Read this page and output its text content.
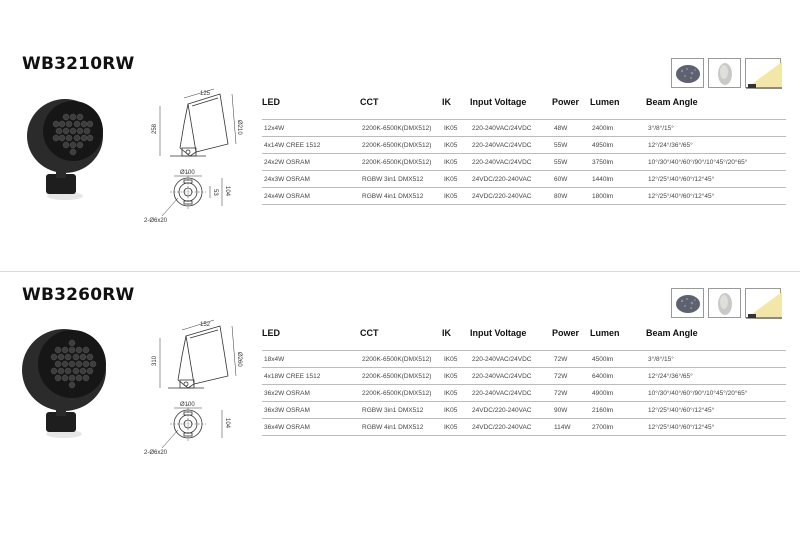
WB3210RW
125
Ø210
258
Ø100
53 104
2-Ø6x20
LED	CCT	IK	Input Voltage	Power	Lumen	Beam Angle
12x4W	2200K-6500K(DMX512)	IK05	220-240VAC/24VDC	48W	2400lm	3°/8°/15°
4x14W CREE 1512	2200K-6500K(DMX512)	IK05	220-240VAC/24VDC	55W	4950lm	12°/24°/36°/65°
24x2W OSRAM	2200K-6500K(DMX512)	IK05	220-240VAC/24VDC	55W	3750lm	10°/30°/40°/60°/90°/10°45°/20°65°
24x3W OSRAM	RGBW 3in1 DMX512	IK05	24VDC/220-240VAC	60W	1440lm	12°/25°/40°/60°/12°45°
24x4W OSRAM	RGBW 4in1 DMX512	IK05	24VDC/220-240VAC	80W	1800lm	12°/25°/40°/60°/12°45°
WB3260RW
152
Ø260
310
Ø100
104
2-Ø6x20
LED	CCT	IK	Input Voltage	Power	Lumen	Beam Angle
18x4W	2200K-6500K(DMX512)	IK05	220-240VAC/24VDC	72W	4500lm	3°/8°/15°
4x18W CREE 1512	2200K-6500K(DMX512)	IK05	220-240VAC/24VDC	72W	6400lm	12°/24°/36°/65°
36x2W OSRAM	2200K-6500K(DMX512)	IK05	220-240VAC/24VDC	72W	4900lm	10°/30°/40°/60°/90°/10°45°/20°65°
36x3W OSRAM	RGBW 3in1 DMX512	IK05	24VDC/220-240VAC	90W	2160lm	12°/25°/40°/60°/12°45°
36x4W OSRAM	RGBW 4in1 DMX512	IK05	24VDC/220-240VAC	114W	2700lm	12°/25°/40°/60°/12°45°
